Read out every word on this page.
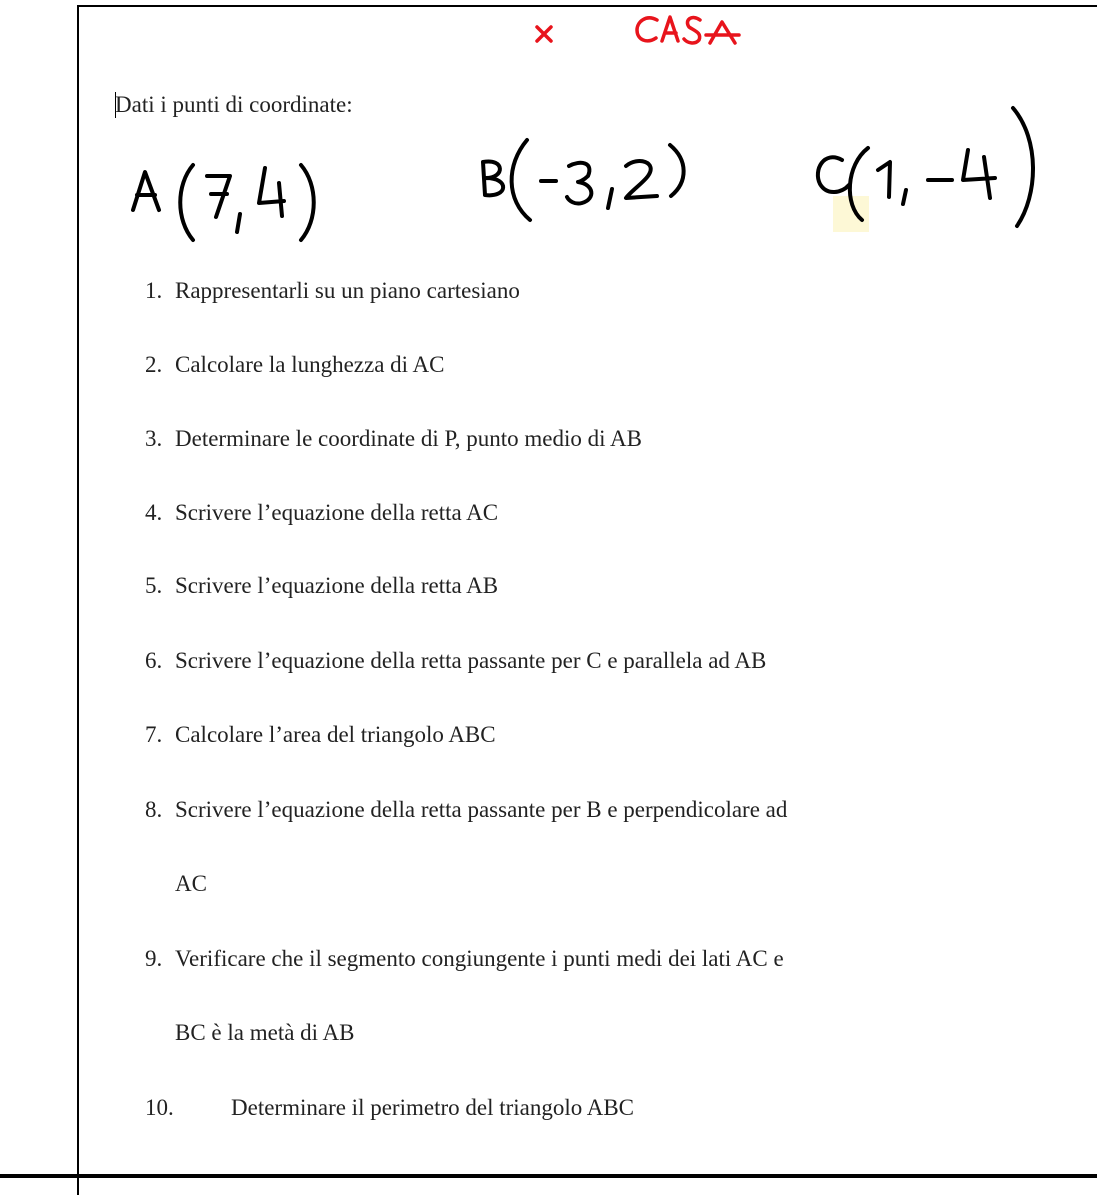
Dati i punti di coordinate:
1. Rappresentarli su un piano cartesiano
2. Calcolare la lunghezza di AC
3. Determinare le coordinate di P, punto medio di AB
4. Scrivere l’equazione della retta AC
5. Scrivere l’equazione della retta AB
6. Scrivere l’equazione della retta passante per C e parallela ad AB
7. Calcolare l’area del triangolo ABC
8. Scrivere l’equazione della retta passante per B e perpendicolare ad
AC
9. Verificare che il segmento congiungente i punti medi dei lati AC e
BC è la metà di AB
10. Determinare il perimetro del triangolo ABC
